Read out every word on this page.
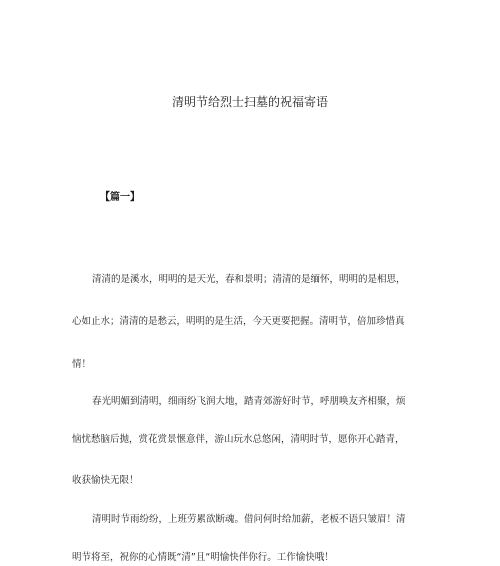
清明节给烈士扫墓的祝福寄语
【篇一】
清清的是溪水，明明的是天光，春和景明；清清的是缅怀，明明的是相思，
心如止水；清清的是愁云，明明的是生活，今天更要把握。清明节，倍加珍惜真
情！
春光明媚到清明，细雨纷飞润大地，踏青郊游好时节，呼朋唤友齐相聚，烦
恼忧愁脑后抛，赏花赏景惬意伴，游山玩水总悠闲，清明时节，愿你开心踏青，
收获愉快无限！
清明时节雨纷纷，上班劳累欲断魂。借问何时给加薪，老板不语只皱眉！清
明节将至，祝你的心情既“清”且“明愉快伴你行。工作愉快哦！
